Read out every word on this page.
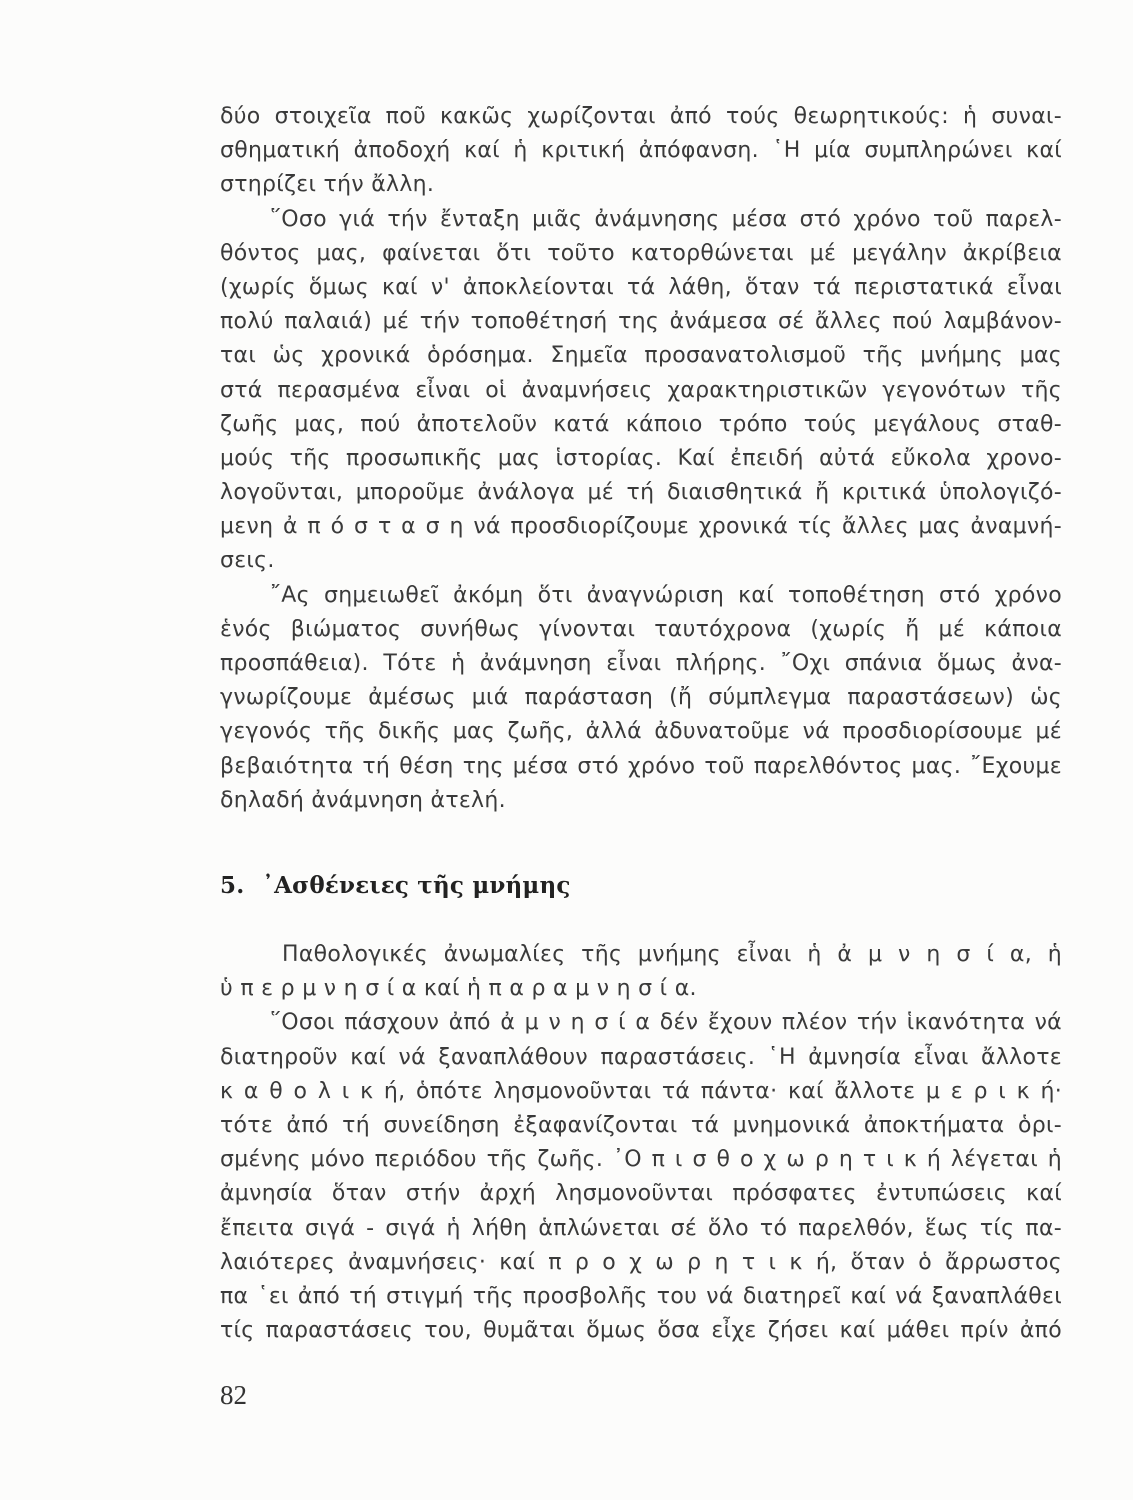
δύο στοιχεῖα ποῦ κακῶς χωρίζονται ἀπό τούς θεωρητικούς: ἡ συναι-
σθηματική ἀποδοχή καί ἡ κριτική ἀπόφανση. ῾Η μία συμπληρώνει καί
στηρίζει τήν ἄλλη.
῞Οσο γιά τήν ἔνταξη μιᾶς ἀνάμνησης μέσα στό χρόνο τοῦ παρελ-
θόντος μας, φαίνεται ὅτι τοῦτο κατορθώνεται μέ μεγάλην ἀκρίβεια
(χωρίς ὅμως καί ν' ἀποκλείονται τά λάθη, ὅταν τά περιστατικά εἶναι
πολύ παλαιά) μέ τήν τοποθέτησή της ἀνάμεσα σέ ἄλλες πού λαμβάνον-
ται ὡς χρονικά ὁρόσημα. Σημεῖα προσανατολισμοῦ τῆς μνήμης μας
στά περασμένα εἶναι οἱ ἀναμνήσεις χαρακτηριστικῶν γεγονότων τῆς
ζωῆς μας, πού ἀποτελοῦν κατά κάποιο τρόπο τούς μεγάλους σταθ-
μούς τῆς προσωπικῆς μας ἱστορίας. Καί ἐπειδή αὐτά εὔκολα χρονο-
λογοῦνται, μποροῦμε ἀνάλογα μέ τή διαισθητικά ἤ κριτικά ὑπολογιζό-
μενη ἀ π ό σ τ α σ η νά προσδιορίζουμε χρονικά τίς ἄλλες μας ἀναμνή-
σεις.
῎Ας σημειωθεῖ ἀκόμη ὅτι ἀναγνώριση καί τοποθέτηση στό χρόνο
ἑνός βιώματος συνήθως γίνονται ταυτόχρονα (χωρίς ἤ μέ κάποια
προσπάθεια). Τότε ἡ ἀνάμνηση εἶναι πλήρης. ῎Οχι σπάνια ὅμως ἀνα-
γνωρίζουμε ἀμέσως μιά παράσταση (ἤ σύμπλεγμα παραστάσεων) ὡς
γεγονός τῆς δικῆς μας ζωῆς, ἀλλά ἀδυνατοῦμε νά προσδιορίσουμε μέ
βεβαιότητα τή θέση της μέσα στό χρόνο τοῦ παρελθόντος μας. ῎Εχουμε
δηλαδή ἀνάμνηση ἀτελή.
5. ᾿Ασθένειες τῆς μνήμης
Παθολογικές ἀνωμαλίες τῆς μνήμης εἶναι ἡ ἀ μ ν η σ ί α, ἡ
ὑ π ε ρ μ ν η σ ί α καί ἡ π α ρ α μ ν η σ ί α.
῞Οσοι πάσχουν ἀπό ἀ μ ν η σ ί α δέν ἔχουν πλέον τήν ἱκανότητα νά
διατηροῦν καί νά ξαναπλάθουν παραστάσεις. ῾Η ἀμνησία εἶναι ἄλλοτε
κ α θ ο λ ι κ ή, ὁπότε λησμονοῦνται τά πάντα· καί ἄλλοτε μ ε ρ ι κ ή·
τότε ἀπό τή συνείδηση ἐξαφανίζονται τά μνημονικά ἀποκτήματα ὁρι-
σμένης μόνο περιόδου τῆς ζωῆς. ᾿Ο π ι σ θ ο χ ω ρ η τ ι κ ή λέγεται ἡ
ἀμνησία ὅταν στήν ἀρχή λησμονοῦνται πρόσφατες ἐντυπώσεις καί
ἔπειτα σιγά - σιγά ἡ λήθη ἁπλώνεται σέ ὅλο τό παρελθόν, ἕως τίς πα-
λαιότερες ἀναμνήσεις· καί π ρ ο χ ω ρ η τ ι κ ή, ὅταν ὁ ἄρρωστος
πα ῾ει ἀπό τή στιγμή τῆς προσβολῆς του νά διατηρεῖ καί νά ξαναπλάθει
τίς παραστάσεις του, θυμᾶται ὅμως ὅσα εἶχε ζήσει καί μάθει πρίν ἀπό
82
